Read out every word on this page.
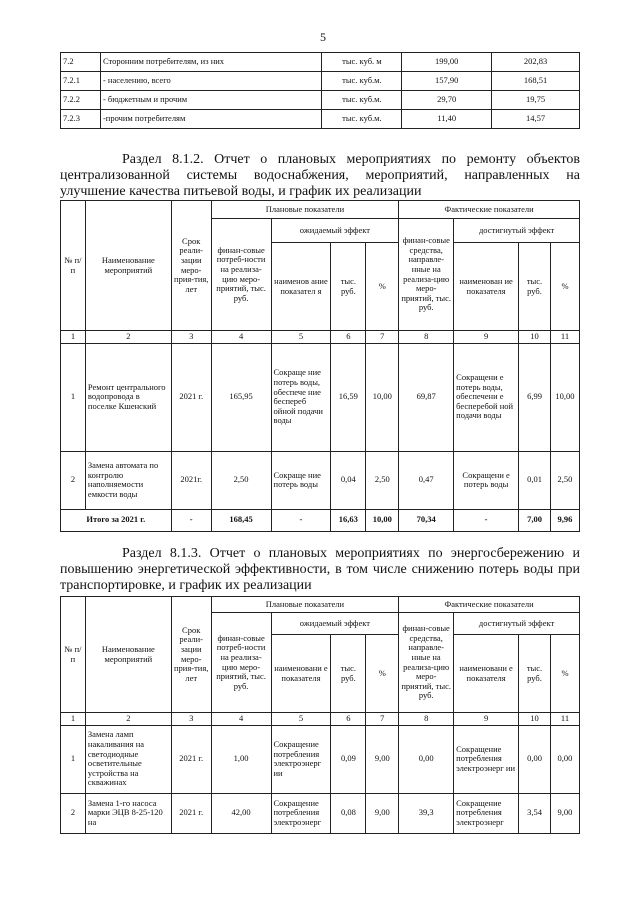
5
7.2	Сторонним потребителям, из них	тыс. куб. м	199,00	202,83
7.2.1	- населению, всего	тыс. куб.м.	157,90	168,51
7.2.2	- бюджетным и прочим	тыс. куб.м.	29,70	19,75
7.2.3	-прочим потребителям	тыс. куб.м.	11,40	14,57
Раздел 8.1.2. Отчет о плановых мероприятиях по ремонту объектов централизованной системы водоснабжения, мероприятий, направленных на улучшение качества питьевой воды, и график их реализации
№ п/п	Наименование мероприятий	Срок реали-зации меро-прия-тия, лет	Плановые показатели				Фактические показатели			
			финан-совые потреб-ности на реализа-цию меро-приятий, тыс. руб.	ожидаемый эффект			финан-совые средства, направле-нные на реализа-цию меро-приятий, тыс. руб.	достигнутый эффект		
				наименов ание показател я	тыс. руб.	%		наименован ие показателя	тыс. руб.	%
1	2	3	4	5	6	7	8	9	10	11
1	Ремонт центрального водопровода в поселке Кшенский	2021 г.	165,95	Сокраще ние потерь воды, обеспече ние беспереб ойной подачи воды	16,59	10,00	69,87	Сокращени е потерь воды, обеспечени е бесперебой ной подачи воды	6,99	10,00
2	Замена автомата по контролю наполняемости емкости воды	2021г.	2,50	Сокраще ние потерь воды	0,04	2,50	0,47	Сокращени е потерь воды	0,01	2,50
Итого за 2021 г.		-	168,45	-	16,63	10,00	70,34	-	7,00	9,96
Раздел 8.1.3. Отчет о плановых мероприятиях по энергосбережению и повышению энергетической эффективности, в том числе снижению потерь воды при транспортировке, и график их реализации
№ п/п	Наименование мероприятий	Срок реали-зации меро-прия-тия, лет	Плановые показатели				Фактические показатели			
			финан-совые потреб-ности на реализа-цию меро-приятий, тыс. руб.	ожидаемый эффект			финан-совые средства, направле-нные на реализа-цию меро-приятий, тыс. руб.	достигнутый эффект		
				наименовани е показателя	тыс. руб.	%		наименовани е показателя	тыс. руб.	%
1	2	3	4	5	6	7	8	9	10	11
1	Замена ламп накаливания на светодиодные осветительные устройства на скважинах	2021 г.	1,00	Сокращение потребления электроэнерг ии	0,09	9,00	0,00	Сокращение потребления электроэнерг ии	0,00	0,00
2	Замена 1-го насоса марки ЭЦВ 8-25-120 на	2021 г.	42,00	Сокращение потребления электроэнерг	0,08	9,00	39,3	Сокращение потребления электроэнерг	3,54	9,00
